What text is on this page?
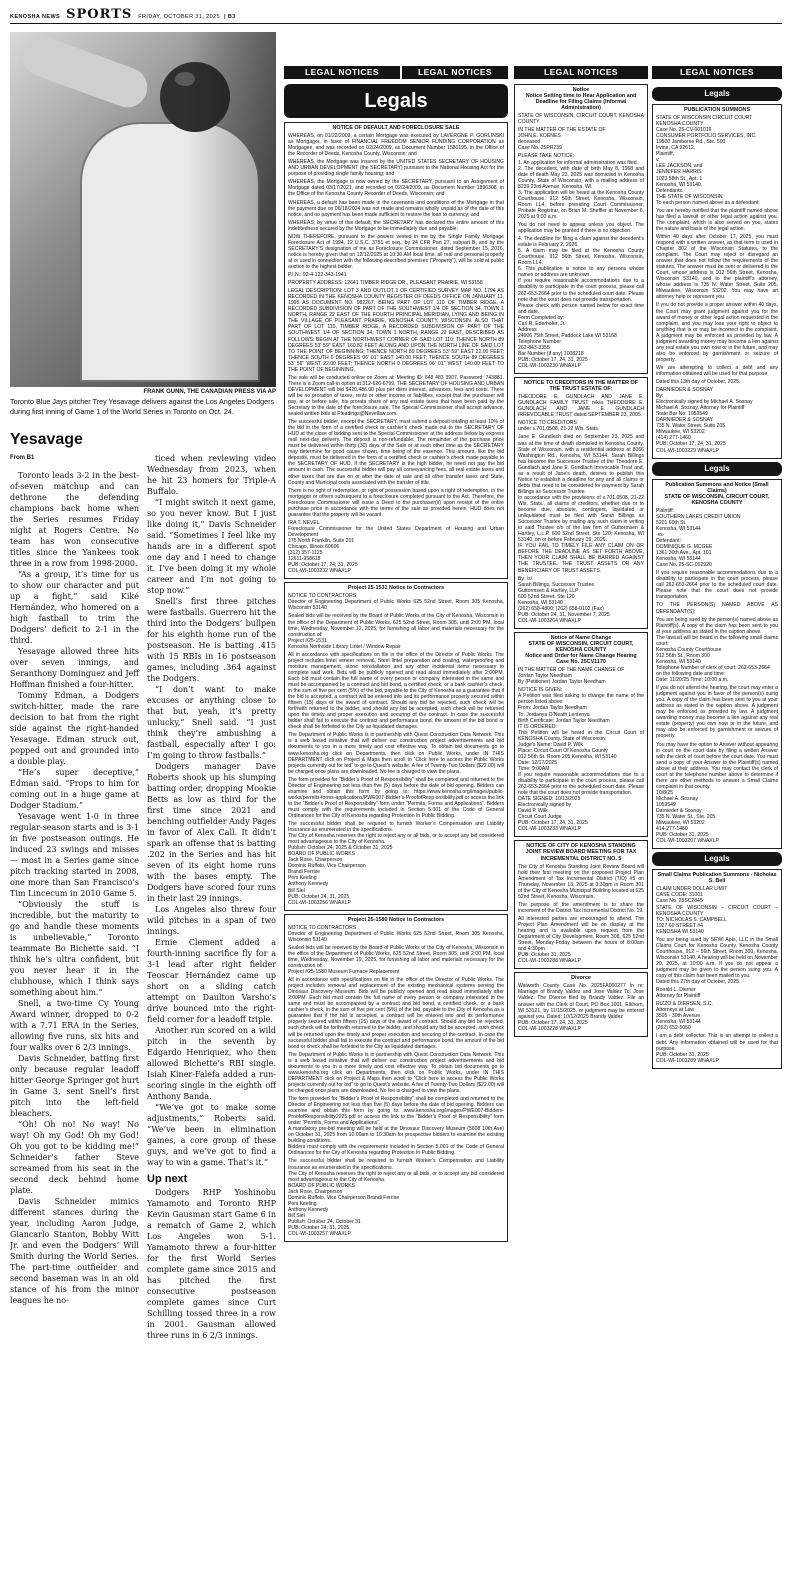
KENOSHA NEWS SPORTS FRIDAY, OCTOBER 31, 2025 | B3
FRANK GUNN, THE CANADIAN PRESS VIA AP
Toronto Blue Jays pitcher Trey Yesavage delivers against the Los Angeles Dodgers during first inning of Game 1 of the World Series in Toronto on Oct. 24.
Yesavage

From B1

Toronto leads 3-2 in the best-of-seven matchup and can dethrone the defending champions back home when the Series resumes Friday night at Rogers Centre. No team has won consecutive titles since the Yankees took three in a row from 1998-2000.

“As a group, it’s time for us to show our character and put up a fight,” said Kiké Hernández, who homered on a high fastball to trim the Dodgers’ deficit to 2-1 in the third.

Yesavage allowed three hits over seven innings, and Seranthony Dominguez and Jeff Hoffman finished a four-hitter.

Tommy Edman, a Dodgers switch-hitter, made the rare decision to bat from the right side against the right-handed Yesavage. Edman struck out, popped out and grounded into a double play.

“He’s super deceptive,” Edman said. “Props to him for coming out in a huge game at Dodger Stadium.”

Yesavage went 1-0 in three regular-season starts and is 3-1 in five postseason outings. He induced 23 swings and misses — most in a Series game since pitch tracking started in 2008, one more than San Francisco’s Tim Lincecum in 2010 Game 5.

“Obviously the stuff is incredible, but the maturity to go and handle these moments is unbelievable,” Toronto teammate Bo Bichette said. “I think he’s ultra confident, but you never hear it in the clubhouse, which I think says something about him.”

Snell, a two-time Cy Young Award winner, dropped to 0-2 with a 7.71 ERA in the Series, allowing five runs, six hits and four walks over 6 2/3 innings.

Davis Schneider, batting first only because regular leadoff hitter George Springer got hurt in Game 3, sent Snell’s first pitch into the left-field bleachers.

“Oh! Oh no! No way! No way! Oh my God! Oh my God! Oh you got to be kidding me!” Schneider’s father Steve screamed from his seat in the second deck behind home plate.

Davis Schneider mimics different stances during the year, including Aaron Judge, Giancarlo Stanton, Bobby Witt Jr. and even the Dodgers’ Will Smith during the World Series. The part-time outfielder and second baseman was in an old stance of his from the minor leagues he no-

ticed when reviewing video Wednesday from 2023, when he hit 23 homers for Triple-A Buffalo.

“I might switch it next game, so you never know. But I just like doing it,” Davis Schneider said. “Sometimes I feel like my hands are in a different spot one day and I need to change it. I’ve been doing it my whole career and I’m not going to stop now.”

Snell’s first three pitches were fastballs. Guerrero hit the third into the Dodgers’ bullpen for his eighth home run of the postseason. He is batting .415 with 15 RBIs in 16 postseason games, including .364 against the Dodgers.

“I don’t want to make excuses or anything close to that but, yeah, it’s pretty unlucky,” Snell said. “I just think they’re ambushing a fastball, especially after I go: I’m going to throw fastballs.”

Dodgers manager Dave Roberts shook up his slumping batting order, dropping Mookie Betts as low as third for the first time since 2021 and benching outfielder Andy Pages in favor of Alex Call. It didn’t spark an offense that is batting .202 in the Series and has hit seven of its eight home runs with the bases empty. The Dodgers have scored four runs in their last 29 innings.

Los Angeles also threw four wild pitches in a span of two innings.

Ernie Clement added a fourth-inning sacrifice fly for a 3-1 lead after right fielder Teoscar Hernández came up short on a sliding catch attempt on Daulton Varsho’s drive bounced into the right-field corner for a leadoff triple.

Another run scored on a wild pitch in the seventh by Edgardo Henriquez, who then allowed Bichette’s RBI single. Isiah Kiner-Falefa added a run-scoring single in the eighth off Anthony Banda.

“We’ve got to make some adjustments,” Roberts said. “We’ve been in elimination games, a core group of these guys, and we’ve got to find a way to win a game. That’s it.”

Up next

Dodgers RHP Yoshinobu Yamamoto and Toronto RHP Kevin Gausman start Game 6 in a rematch of Game 2, which Los Angeles won 5-1. Yamamoto threw a four-hitter for the first World Series complete game since 2015 and has pitched the first consecutive postseason complete games since Curt Schilling tossed three in a row in 2001. Gausman allowed three runs in 6 2/3 innings.

LEGAL NOTICES	LEGAL NOTICES	LEGAL NOTICES	LEGAL NOTICES
Legals
NOTICE OF DEFAULT AND FORECLOSURE SALE

WHEREAS, on 01/22/2009, a certain Mortgage was executed by LAVERGNE P. GORLINSKI as Mortgagor, in favor of FINANCIAL FREEDOM SENIOR FUNDING CORPORATION as Mortgagee, and was recorded on 02/24/2009, as Document Number 1580195, in the Office of the Recorder of Deeds, Kenosha County, Wisconsin; and

WHEREAS, the Mortgage was insured by the UNITED STATES SECRETARY OF HOUSING AND URBAN DEVELOPMENT (the SECRETARY) pursuant to the National Housing Act for the purpose of providing single family housing; and

WHEREAS, the Mortgage is now owned by the SECRETARY, pursuant to an Assignment of Mortgage dated 03/17/2021, and recorded on 02/24/2009, as Document Number 1896308, in the Office of the Kenosha County Recorder of Deeds, Wisconsin; and

WHEREAS, a default has been made in the covenants and conditions of the Mortgage in that the payment due on 06/18/2024 was not made and remains wholly unpaid as of the date of this notice, and no payment has been made sufficient to restore the loan to currency; and

WHEREAS, by virtue of this default, the SECRETARY has declared the entire amount of this indebtedness secured by the Mortgage to be immediately due and payable;

NOW THEREFORE, pursuant to the powers vested in me by the Single Family Mortgage Foreclosure Act of 1994, 12 U.S.C. 3751 et seq., by 24 CFR Part 27, subpart B, and by the SECRETARY’S designation of me as Foreclosure Commissioner, dated September 15, 2016, notice is hereby given that on 12/12/2025 at 10:30 AM local time, all real and personal property at or used in connection with the following described premises (“Property”), will be sold at public auction to the highest bidder.

P.I.N.: 92-4-122-343-1941

PROPERTY ADDRESS: 12641 TIMBER RIDGE DR., PLEASANT PRAIRIE, WI 53158

LEGAL DESCRIPTION: LOT 3 AND OUTLOT 1 OF CERTIFIED SURVEY MAP NO. 1794 AS RECORDED IN THE KENOSHA COUNTY REGISTER OF DEEDS OFFICE ON JANUARY 11, 1995 AS DOCUMENT NO. 982267, BEING PART OF LOT 110 OF TIMBER RIDGE, A RECORDED SUBDIVISION OF PART OF THE SOUTHWEST 1/4 OF SECTION 34, TOWN 1 NORTH, RANGE 22 EAST OF THE FOURTH PRINCIPAL MERIDIAN, LYING AND BEING IN THE VILLAGE OF PLEASANT PRAIRIE, KENOSHA COUNTY, WISCONSIN. ALSO THAT PART OF LOT 110, TIMBER RIDGE, A RECORDED SUBDIVISION OF PART OF THE SOUTHWEST 1/4 OF SECTION 34, TOWN 1 NORTH, RANGE 22 EAST, DESCRIBED AS FOLLOWS: BEGIN AT THE NORTHWEST CORNER OF SAID LOT 110; THENCE NORTH 89 DEGREES 53' 59" EAST 160.82 FEET ALONG AND UPON THE NORTH LINE OF SAID LOT TO THE POINT OF BEGINNING; THENCE NORTH 89 DEGREES 53' 59" EAST 22.00 FEET; THENCE SOUTH 0 DEGREES 06' 01" EAST 140.00 FEET; THENCE SOUTH 89 DEGREES 53' 59" WEST 22.00 FEET; THENCE NORTH 0 DEGREES 06' 01" WEST 140.00 FEET TO THE POINT OF BEGINNING.

The sale will be conducted online on Zoom at: Meeting ID: 648 483 3907, Password: 743881. There is a Zoom call-in option at 312-626-6799. THE SECRETARY OF HOUSING AND URBAN DEVELOPMENT will bid $420,486.00 plus per diem interest, advances, fees and costs. There will be no proration of taxes, rents or other income or liabilities, except that the purchaser will pay, at or before sale, his prorata share of any real estate taxes that have been paid by the Secretary to the date of the foreclosure sale. The Special Commissioner shall accept advance, sealed written bids at Pleadings@Nevellaw.com.

The successful bidder, except the SECRETARY, must submit a deposit totaling at least 10% of the bid in the form of a certified check or cashier’s check made out to the SECRETARY OF HUD at the close of bidding sent to the Special Commissioner at the address below by express mail next-day delivery. The deposit is non-refundable. The remainder of the purchase price must be delivered within thirty (30) days of the Sale or at such other time as the SECRETARY may determine for good cause shown, time being of the essence. This amount, like the bid deposits, must be delivered in the form of a certified check or cashier’s check made payable to the SECRETARY OF HUD. If the SECRETARY is the high bidder, he need not pay the bid amount in cash. The successful bidder will pay all conveyancing fees, all real estate taxes and other taxes that are due on or after the date of sale and all other transfer taxes and State, County and Municipal costs associated with the transfer of title.

There is no right of redemption, or right of possession based upon a right of redemption, in the mortgagor or others subsequent to a foreclosure completed pursuant to the Act. Therefore, the Foreclosure Commissioner will issue a Deed to the purchaser(s) upon receipt of the entire purchase price in accordance with the terms of the sale as provided herein. HUD does not guarantee that the property will be vacant.

IRA T. NEVEL
Foreclosure Commissioner for the United States Department of Housing and Urban Development
175 North Franklin, Suite 201
Chicago, Illinois 60606
(312) 357-1125
12611-958618
PUB: October 17, 24, 31, 2025
COL-WI-1003232 WNAXLP

Project 25-1531 Notice to Contractors

NOTICE TO CONTRACTORS
Director of Engineering Department of Public Works 625 52nd Street, Room 305 Kenosha, Wisconsin 53140

Sealed bids will be received by the Board of Public Works of the City of Kenosha, Wisconsin in the office of the Department of Public Works, 625 52nd Street, Room 305, until 2:00 PM, local time, Wednesday, November 12, 2025, for furnishing all labor and materials necessary for the construction of:
Project #25-1531
Kenosha Northside Library Lintel / Window Repair

All in accordance with specifications on file in the office of the Director of Public Works. The project includes lintel veneer removal, Steel lintel preparation and coating, waterproofing and moisture management, stone reinstallation and any other incidental items necessary to complete said work. Bids will be publicly opened and read aloud immediately after 2:00PM. Each bid must contain the full name of every person or company interested in the same and must be accompanied by a contract and bid bond, a certified check, or a bank cashier’s check, in the sum of five per cent (5%) of the bid, payable to the City of Kenosha as a guarantee that if the bid is accepted, a contract will be entered into and its performance properly secured within fifteen (15) days of the award of contract. Should any bid be rejected, such check will be forthwith returned to the bidder, and should any bid be accepted, such check will be returned upon the timely and proper execution and securing of the contract. In case the successful bidder shall fail to execute the contract and performance bond, the amount of the bid bond or check shall be forfeited to the City as liquidated damages.

The Department of Public Works is in partnership with Quest Construction Data Network. This is a web based initiative that will deliver our construction project advertisements and bid documents to you in a more timely and cost effective way. To obtain bid documents go to www.kenosha.org click on Departments, then click on Public Works, under IN THIS DEPARTMENT click on Project & Maps then scroll to “Click here to access the Public Works projects currently out for bid” to go to Quest’s website. A fee of Twenty-Two Dollars ($22.00) will be charged once plans are downloaded. No fee is charged to view the plans.

The form provided for “Bidder’s Proof of Responsibility” shall be completed and returned to the Director of Engineering not less than five (5) days before the date of bid opening. Bidders can examine and obtain this form by going to: https://www.kenosha.org/images/public-works/permits-forms-applications/PWE007-Bidder’s-ProofofResp onsibility.pdf or access the link to the “Bidder’s Proof of Responsibility” form under “Permits, Forms and Applications”. Bidders must comply with the requirements included in Section 5.001 of the Code of General Ordinances for the City of Kenosha regarding Protection In Public Bidding.

The successful bidder shall be required to furnish Worker’s Compensation and Liability Insurance as enumerated in the specifications.
The City of Kenosha reserves the right to reject any or all bids, or to accept any bid considered most advantageous to the City of Kenosha.
Publish: October 24, 2025 & October 31, 2025
BOARD OF PUBLIC WORKS
Jack Rose, Chairperson
Dominic Ruffolo, Vice Chairperson
Brandi Ferrise
Peni Keeling
Anthony Kennedy
Bill Siel
PUB: October 24, 31, 2025
COL-WI-1003256 WNAXLP

Project 25-1580 Notice to Contractors

NOTICE TO CONTRACTORS
Director of Engineering Department of Public Works 625 52nd Street, Room 305 Kenosha, Wisconsin 53140

Sealed bids will be received by the Board of Public Works of the City of Kenosha, Wisconsin in the office of the Department of Public Works, 625 52nd Street, Room 305, until 2:00 PM, local time, Wednesday, November 19, 2025, for furnishing all labor and materials necessary for the construction of:
Project #25-1580 Museum Furnace Replacement

All in accordance with specifications on file in the office of the Director of Public Works. The project includes removal and replacement of the existing mechanical systems serving the Dinosaur Discovery Museum. Bids will be publicly opened and read aloud immediately after 2:00PM. Each bid must contain the full name of every person or company interested in the same and must be accompanied by a contract and bid bond, a certified check, or a bank cashier’s check, in the sum of five per cent (5%) of the bid, payable to the City of Kenosha as a guarantee that if the bid is accepted, a contract will be entered into and its performance properly secured within fifteen (15) days of the award of contract. Should any bid be rejected, such check will be forthwith returned to the bidder, and should any bid be accepted, such check will be returned upon the timely and proper execution and securing of the contract. In case the successful bidder shall fail to execute the contract and performance bond, the amount of the bid bond or check shall be forfeited to the City as liquidated damages.

The Department of Public Works is in partnership with Quest Construction Data Network. This is a web based initiative that will deliver our construction project advertisements and bid documents to you in a more timely and cost effective way. To obtain bid documents go to www.kenosha.org click on Departments, then click on Public Works, under IN THIS DEPARTMENT click on Project & Maps then scroll to “Click here to access the Public Works projects currently out for bid” to go to Quest’s website. A fee of Twenty-Two Dollars ($22.00) will be charged once plans are downloaded. No fee is charged to view the plans.

The form provided for “Bidder’s Proof of Responsibility” shall be completed and returned to the Director of Engineering not less than five (5) days before the date of bid opening. Bidders can examine and obtain this form by going to: www.kenosha.org/images/PWE007-Bidders-ProofofResponsibility2025.pdf or access the link to the “Bidder’s Proof of Responsibility” form under “Permits, Forms and Applications”.
A mandatory pre-bid meeting will be held at the Dinosaur Discovery Museum (5608 10th Ave) on October 31, 2025 from 10:00am to 10:30am for prospective bidders to examine the existing building conditions.
Bidders must comply with the requirements included in Section 5.001 of the Code of General Ordinances for the City of Kenosha regarding Protection In Public Bidding.

The successful bidder shall be required to furnish Worker’s Compensation and Liability Insurance as enumerated in the specifications.
The City of Kenosha reserves the right to reject any or all bids, or to accept any bid considered most advantageous to the City of Kenosha.
BOARD OF PUBLIC WORKS
Jack Rose, Chairperson
Dominic Ruffolo, Vice Chairperson Brandi Ferrise
Peni Keeling
Anthony Kennedy
Bill Siel
Publish: October 24, October 31
PUB: October 24, 31, 2025
COL-WI-1003257 WNAXLP

Notice
Notice Setting time to Hear Application and Deadline for Filing Claims (Informal Administration)

STATE OF WISCONSIN, CIRCUIT COURT, KENOSHA COUNTY

IN THE MATTER OF THE ESTATE OF
JOHN E. KOENES
deceased
Case No. 25PR239

PLEASE TAKE NOTICE:
1. An application for informal administration was filed.
2. The decedent, with date of birth May 8, 1968 and date of death May 23, 2025 was domiciled in Kenosha County, State of Wisconsin, with a mailing address of 8239 23rd Avenue, Kenosha, WI.
3. The application will be heard at the Kenosha County Courthouse, 912 56th Street, Kenosha, Wisconsin, Room LL4, before presiding Court Commissioner, Probate Registrar, on Brian M. Sheffler at November 6, 2025 at 9:00 a.m.

You do not need to appear unless you object. The application may be granted if there is no objection.

4. The deadline for filing a claim against the decedent’s estate is February 2, 2026.
5. A claim may be filed at the Kenosha County Courthouse, 912 56th Street, Kenosha, Wisconsin, Room LL4.
6. This publication is notice to any persons whose names or address are unknown.
If you require reasonable accommodations due to a disability to participate in the court process, please call 262-653-2664 prior to the scheduled court date. Please note that the court does not provide transportation.
Please check with person named below for exact time and date.
Form Completed by:
Carl R. Ederhofer, Jr.
Address
24906 75th Street, Paddock Lake WI 53168
Telephone Number
262-843-3355
Bar Number (if any) 1008218
PUB: October 17, 24, 31, 2025
COL-WI-1003230 WNAXLP

NOTICE TO CREDITORS IN THE MATTER OF THE TRUST ESTATE OF:

THEODORE E. GUNDLACH AND JANE E. GUNDLACH FAMILY TRUST n/k/a THEODORE E. GUNDLACH AND JANE E. GUNDLACH IRREVOCABLE TRUST dated SEPTEMBER 23, 2005.

NOTICE TO CREDITORS
under s.701.0508, 21-22 Wis. Stats.

Jane E. Gundlach died on September 23, 2025 and was at the time of death domiciled in Kenosha County, State of Wisconsin, with a residential address at 8066 Washington Rd., Kenosha, WI 53144. Sarah Billings has become the Successor Trustee of the Theodore E. Gundlach and Jane E. Gundlach Irrevocable Trust and, as a result of Jane’s death, desires to publish this Notice to establish a deadline for any and all claims or debts that need to be considered for payment by Sarah Billings as Successor Trustee.
In accordance with the provisions of s.701.0508, 21-22 Wis. Stats., all claims of creditors, whether due or to become due, absolute, contingent, liquidated or unliquidated must be filed with Sarah Billings as Successor Trustee by mailing any such claim in writing to said Trustee c/o of the law firm of Guttormsen & Hartley, L.L.P. 600 52nd Street, Ste 120; Kenosha, WI 53140, on or before February 19, 2026.
IF YOU FAIL TO TIMELY FILE ANY CLAIM ON OR BEFORE THE DEADLINE AS SET FORTH ABOVE, THEN YOUR CLAIM SHALL BE BARRED AGAINST THE TRUSTEE, THE TRUST ASSETS OR ANY BENEFICIARY OF TRUST ASSETS.

By: /s/
Sarah Billings, Successor Trustee
Guttormsen & Hartley, LLP
600 52nd Street, Ste 120
Kenosha, WI 53140
(262) 658-4800; (262) 658-0102 (Fax)
PUB: October 24, 31, November 7, 2025
COL-WI-1003264 WNAXLP

Notice of Name Change
STATE OF WISCONSIN, CIRCUIT COURT, KENOSHA COUNTY
Notice and Order for Name Change Hearing
Case No. 25CV1170

IN THE MATTER OF THE NAME CHANGE OF
Jordan Taylor Needham
By (Petitioner) Jordan Taylor Needham

NOTICE IS GIVEN:
A Petition was filed asking to change the name of the person listed above:
From: Jordan Taylor Needham
To: Jordanya O’Neath Lentenya
Birth Certificate: Jordan Taylor Needham
IT IS ORDERED:
This Petition will be heard in the Circuit Court of KENOSHA County, State of Wisconsin:
Judge’s Name: David P. Wilk
Place: Circuit Court Of Kenosha County
912 56th St. Room 205 Kenosha, WI 53140
Date: 12/17/2025
Time: 9:00AM
If you require reasonable accommodations due to a disability to participate in the court process, please call 262-653-2664 prior to the scheduled court date. Please note that the court does not provide transportation.
DATE SIGNED: 10/13/2025
Electronically signed by
David P. Wilk
Circuit Court Judge
PUB: October 17, 24, 31, 2025
COL-WI-1003233 WNAXLP

NOTICE OF CITY OF KENOSHA STANDING JOINT REVIEW BOARD MEETING FOR TAX INCREMENTAL DISTRICT NO. 5

The City of Kenosha Standing Joint Review Board will hold their first meeting on the proposed Project Plan Amendment of Tax Incremental District (TID) #5 on Thursday, November 13, 2025 at 3:30pm in Room 301 of the City of Kenosha Municipal Building located at 625 52nd Street, Kenosha, Wisconsin.

The purpose of the amendment is to share the increment of the District Tax Incremental District No. 19.

All interested parties are encouraged to attend. The Project Plan Amendment will be on display at the hearing and is available upon request from the Department of City Development, Room 308, 625 52nd Street, Monday-Friday between the hours of 8:00am and 4:30pm.
PUB: October 31, 2025
COL-WI-1003288 WNAXLP

Divorce

Walworth County Case No. 2025FA000277 In re: Marriage of Brandy Valdez and Jose Valdez To: Jose Valdez. The Divorce filed by Brandy Valdez. File an answer with the Clerk of Court, PO Box 1001, Elkhorn, WI 53121, by 11/15/2025, or judgment may be entered against you. Dated: 10/12/2025 Brandy Valdez
PUB: October 17, 24, 31, 2025
COL-WI-1003228 WNAXLP

Legals
PUBLICATION SUMMONS

STATE OF WISCONSIN CIRCUIT COURT
KENOSHA COUNTY
Case No. 25-CV-001016
CONSUMER PORTFOLIO SERVICES, INC.
19500 Jamboree Rd., Ste. 500
Irvine, CA 92612,
Plaintiff,
v.
LEE JACKSON, and
JENNIFER HARRIS
1023 58th St., Apt. 1
Kenosha, WI 53140,
Defendants.
THE STATE OF WISCONSIN
To each person named above as a defendant:

You are hereby notified that the plaintiff named above has filed a lawsuit or other legal action against you. The complaint, which is also served on you, states the nature and basis of the legal action.

Within 40 days after October 17, 2025, you must respond with a written answer, as that term is used in Chapter 802 of the Wisconsin Statutes, to the complaint. The Court may reject or disregard an answer that does not follow the requirements of the statutes. The answer must be sent or delivered to the Court, whose address is 912 56th Street, Kenosha, Wisconsin 53140, and to the plaintiff’s attorney, whose address is 735 N. Water Street, Suite 205, Milwaukee, Wisconsin 53202. You may have an attorney help or represent you.

If you do not provide a proper answer within 40 days, the Court may grant judgment against you for the award of money or other legal action requested in the complaint, and you may lose your right to object to anything that is or may be incorrect in the complaint. A judgment may be enforced as provided by law. A judgment awarding money may become a lien against any real estate you own now or in the future, and may also be enforced by garnishment or seizure of property.

We are attempting to collect a debt and any information obtained will be used for that purpose.

Dated this 13th day of October, 2025.

DARNIEDER & SOSNAY
By:
Electronically signed by Michael A. Sosnay
Michael A. Sosnay, Attorney for Plaintiff
State Bar No: 1059549
DARNIEDER & SOSNAY
735 N. Water Street, Suite 205
Milwaukee, WI 53202
(414) 277-1460
PUB: October 17, 24, 31, 2025
COL-WI-1003229 WNAXLP

Legals
Publication Summons and Notice (Small Claims)
STATE OF WISCONSIN, CIRCUIT COURT, KENOSHA COUNTY

Plaintiff:
SOUTHERN LAKES CREDIT UNION
5201 60th St.
Kenosha, WI 53144
-vs-
Defendant:
DOMINIQUE G. MCGEE
1361 30th Ave., Apt. 101
Kenosha, WI 53144
Case No. 25-SC-002920

If you require reasonable accommodations due to a disability to participate in the court process, please call 262-653-2664 prior to the scheduled court date. Please note that the court does not provide transportation.

TO THE PERSON(S) NAMED ABOVE AS DEFENDANT(S):

You are being sued by the person(s) named above as Plaintiff(s). A copy of the claim has been sent to you at your address as stated in the caption above.
The lawsuit will be heard in the following small claims court:
Kenosha County Courthouse
912 56th St., Room 300
Kenosha, WI 53140
Telephone Number of clerk of court: 262-653-2664
on the following date and time:
Date: 11/20/25 Time: 10:00 a.m.

If you do not attend the hearing, the court may enter a judgment against you in favor of the person(s) suing you. A copy of the claim has been sent to you at your address as stated in the caption above. A judgment may be enforced as provided by law. A judgment awarding money may become a lien against any real estate (property) you own now or in the future, and may also be enforced by garnishment or seizure of property.

You may have the option to Answer without appearing in court on the court date by filing a written Answer with the clerk of court before the court date. You must send a copy of your Answer to the Plaintiff(s) named above at their address. You may contact the clerk of court at the telephone number above to determine if there are other methods to answer a Small Claims complaint in that county.
10/8/25
Michael A. Sosnay
1059549
Darnieder & Sosnay
735 N. Water St., Ste. 205
Milwaukee, WI 53202
414-277-1460
PUB: October 31, 2025
COL-WI-1003207 WNAXLP

Legals
Small Claims Publication Summons - Nicholas S. Bell

CLAIM UNDER DOLLAR LIMIT
CASE CODE: 31001
Case No. 25SC2845
STATE OF WISCONSIN – CIRCUIT COURT – KENOSHA COUNTY
TO: NICHOLAS S. CAMPBELL
1927 60 STREET #4
KENOSHA WI 53140

You are being sued by SEWI Apts, LLC in the Small Claims Court for Kenosha County, Kenosha County Courthouse, 912 – 56th Street, Room 300, Kenosha, Wisconsin 53140. A hearing will be held on November 20, 2025, at 10:00 a.m. If you do not appear a judgment may be given to the person suing you. A copy of this claim has been mailed to you.
Dated this 27th day of October, 2025.

Ronald L. Diemer
Attorney for Plaintiff

RIZZO & DIERSEN, S.C.
Attorneys at Law
3505 - 30th Avenue
Kenosha, WI 53144
(262) 652-5050

I am a debt collector. This is an attempt to collect a debt. Any information obtained will be used for that purpose.
PUB: October 31, 2025
COL-WI-1003289 WNAXLP
